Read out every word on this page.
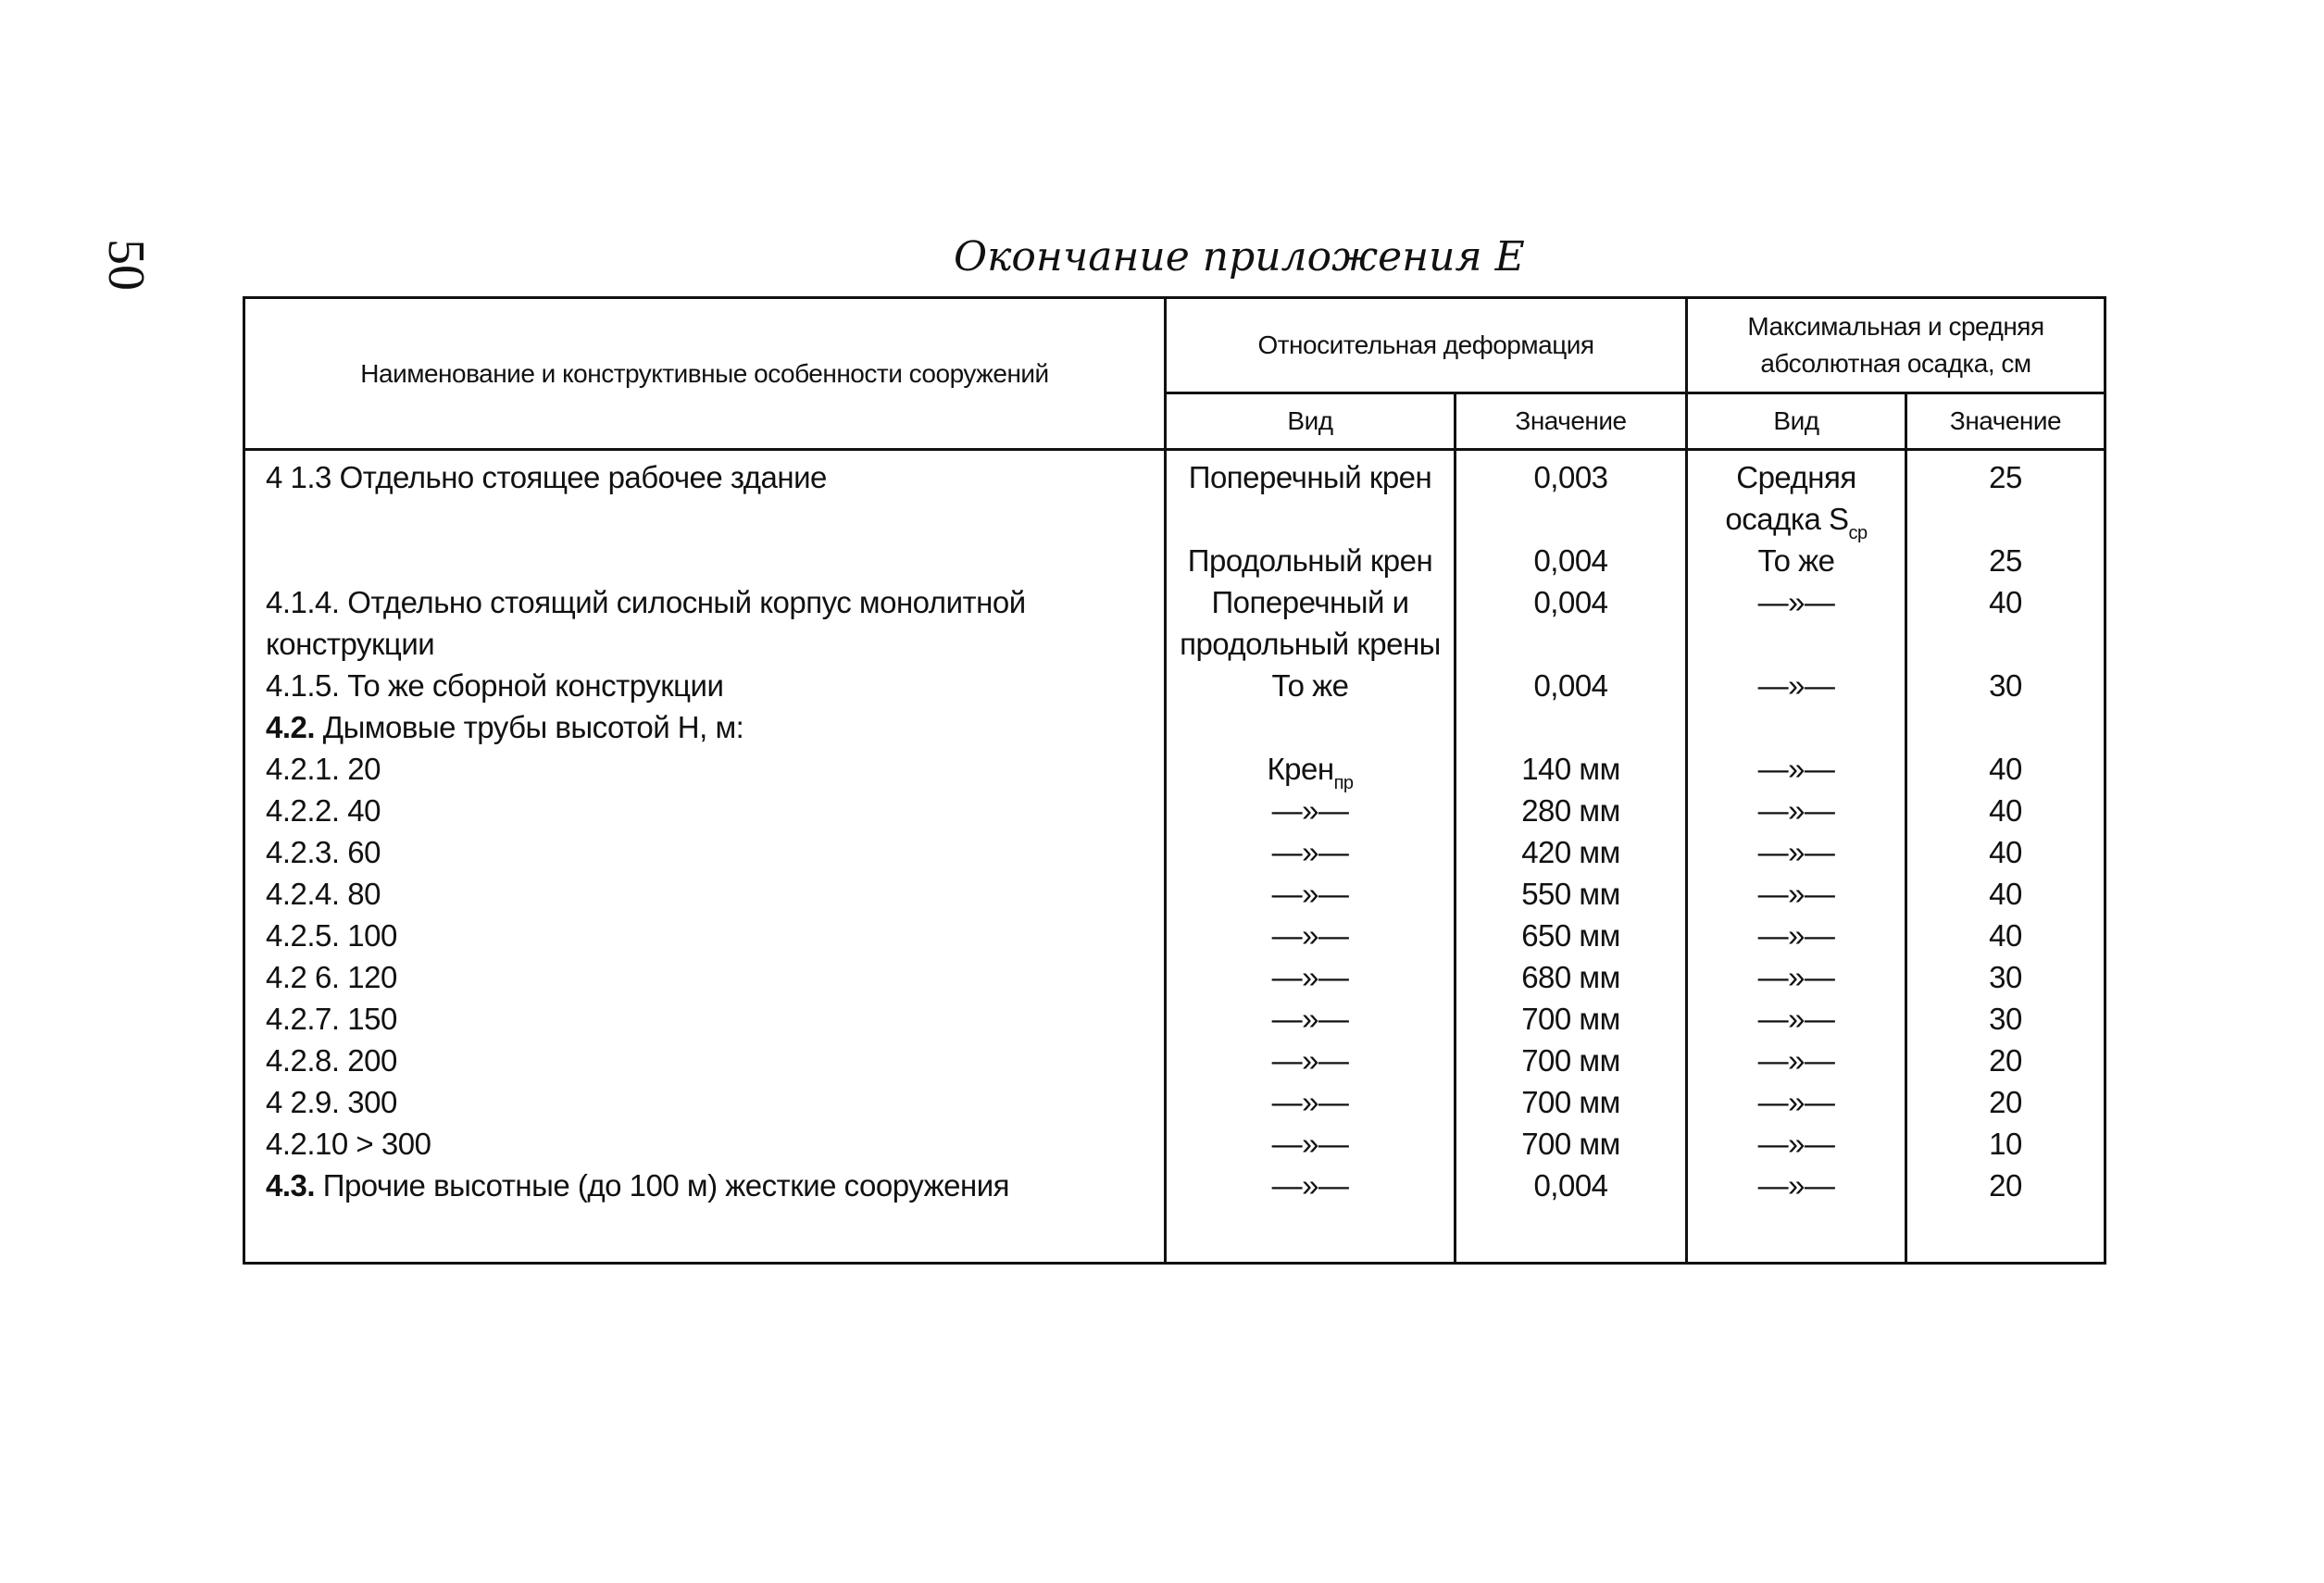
50	Окончание приложения Е
Наименование и конструктивные особенности сооружений	Относительная деформация		Максимальная и средняя абсолютная осадка, см	
	Вид	Значение	Вид	Значение
4 1.3 Отдельно стоящее рабочее здание	Поперечный крен	0,003	Средняя осадка $S_{ср}$	25
	Продольный крен	0,004	То же	25
4.1.4. Отдельно стоящий силосный корпус монолитной конструкции	Поперечный и продольный крены	0,004	—»—	40
4.1.5. То же сборной конструкции	То же	0,004	—»—	30
4.2. Дымовые трубы высотой Н, м:				
4.2.1. 20	Крен$_{пр}$	140 мм	—»—	40
4.2.2. 40	—»—	280 мм	—»—	40
4.2.3. 60	—»—	420 мм	—»—	40
4.2.4. 80	—»—	550 мм	—»—	40
4.2.5. 100	—»—	650 мм	—»—	40
4.2 6. 120	—»—	680 мм	—»—	30
4.2.7. 150	—»—	700 мм	—»—	30
4.2.8. 200	—»—	700 мм	—»—	20
4 2.9. 300	—»—	700 мм	—»—	20
4.2.10 > 300	—»—	700 мм	—»—	10
4.3. Прочие высотные (до 100 м) жесткие сооружения	—»—	0,004	—»—	20
